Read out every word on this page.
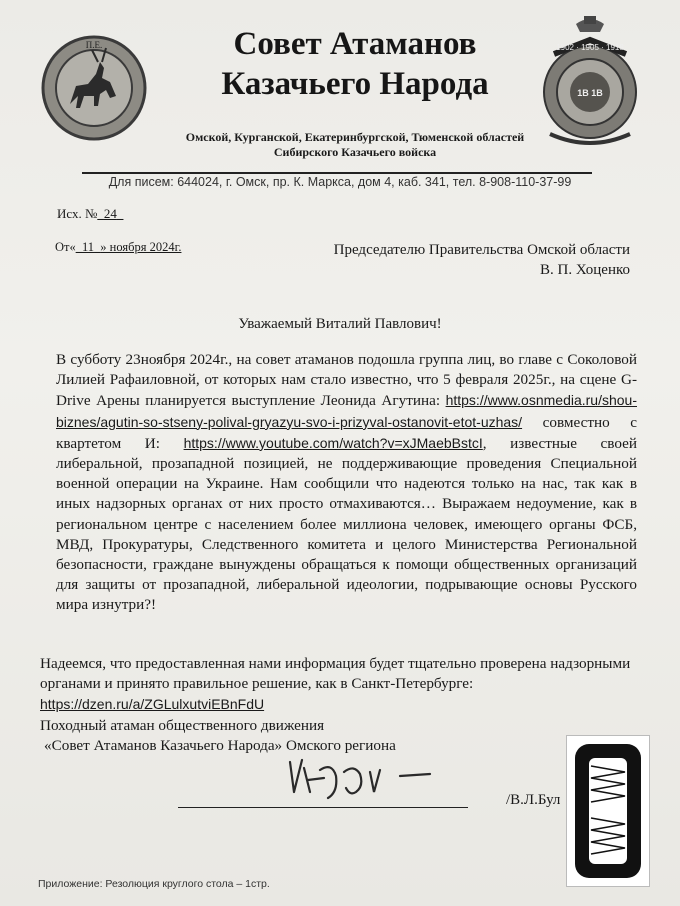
П.Е.	1902 · 1905 · 1918
1B 1B
Совет Атаманов
Казачьего Народа
Омской, Курганской, Екатеринбургской, Тюменской областей
Сибирского Казачьего войска
Для писем: 644024, г. Омск, пр. К. Маркса, дом 4, каб. 341, тел. 8-908-110-37-99
Исх. №_24_
От«_11_» ноября 2024г.	Председателю Правительства Омской области
В. П. Хоценко
Уважаемый Виталий Павлович!
В субботу 23ноября 2024г., на совет атаманов подошла группа лиц, во главе с Соколовой Лилией Рафаиловной, от которых нам стало известно, что 5 февраля 2025г., на сцене G-Drive Арены планируется выступление Леонида Агутина: https://www.osnmedia.ru/shou-biznes/agutin-so-stseny-polival-gryazyu-svo-i-prizyval-ostanovit-etot-uzhas/ совместно с квартетом И: https://www.youtube.com/watch?v=xJMaebBstcI, известные своей либеральной, прозападной позицией, не поддерживающие проведения Специальной военной операции на Украине. Нам сообщили что надеются только на нас, так как в иных надзорных органах от них просто отмахиваются… Выражаем недоумение, как в региональном центре с населением более миллиона человек, имеющего органы ФСБ, МВД, Прокуратуры, Следственного комитета и целого Министерства Региональной безопасности, граждане вынуждены обращаться к помощи общественных организаций для защиты от прозападной, либеральной идеологии, подрывающие основы Русского мира изнутри?!
Надеемся, что предоставленная нами информация будет тщательно проверена надзорными органами и принято правильное решение, как в Санкт-Петербурге:
https://dzen.ru/a/ZGLulxutviEBnFdU
Походный атаман общественного движения
«Совет Атаманов Казачьего Народа» Омского региона
/В.Л.Бул
Приложение: Резолюция круглого стола – 1стр.
